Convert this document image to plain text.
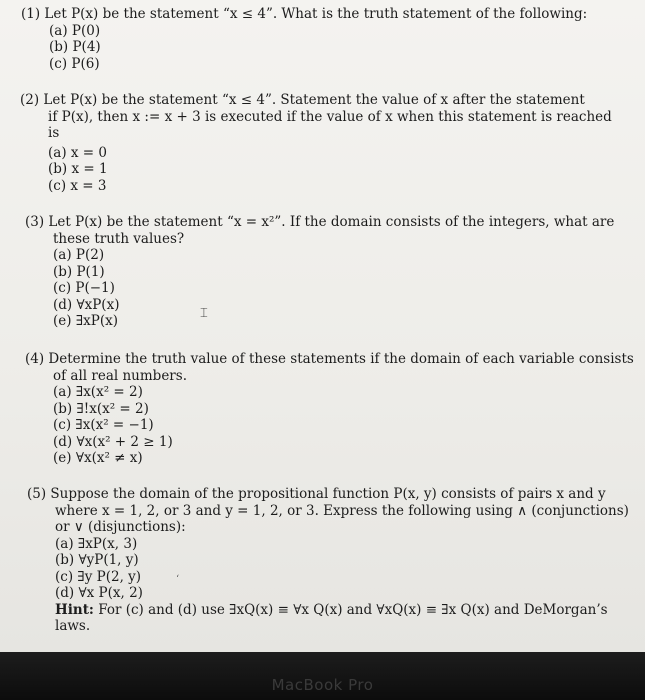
(1) Let P(x) be the statement “x ≤ 4”. What is the truth statement of the following:
(a) P(0)
(b) P(4)
(c) P(6)
(2) Let P(x) be the statement “x ≤ 4”. Statement the value of x after the statement
if P(x), then x := x + 3 is executed if the value of x when this statement is reached
is
(a) x = 0
(b) x = 1
(c) x = 3
(3) Let P(x) be the statement “x = x²”. If the domain consists of the integers, what are
these truth values?
(a) P(2)
(b) P(1)
(c) P(−1)
(d) ∀xP(x)
(e) ∃xP(x)
(4) Determine the truth value of these statements if the domain of each variable consists
of all real numbers.
(a) ∃x(x² = 2)
(b) ∃!x(x² = 2)
(c) ∃x(x² = −1)
(d) ∀x(x² + 2 ≥ 1)
(e) ∀x(x² ≠ x)
(5) Suppose the domain of the propositional function P(x, y) consists of pairs x and y
where x = 1, 2, or 3 and y = 1, 2, or 3. Express the following using ∧ (conjunctions)
or ∨ (disjunctions):
(a) ∃xP(x, 3)
(b) ∀yP(1, y)
(c) ∃y P(2, y)
(d) ∀x P(x, 2)
Hint: For (c) and (d) use ∃xQ(x) ≡ ∀x Q(x) and ∀xQ(x) ≡ ∃x Q(x) and DeMorgan’s
laws.
⌶
ʻ
MacBook Pro
